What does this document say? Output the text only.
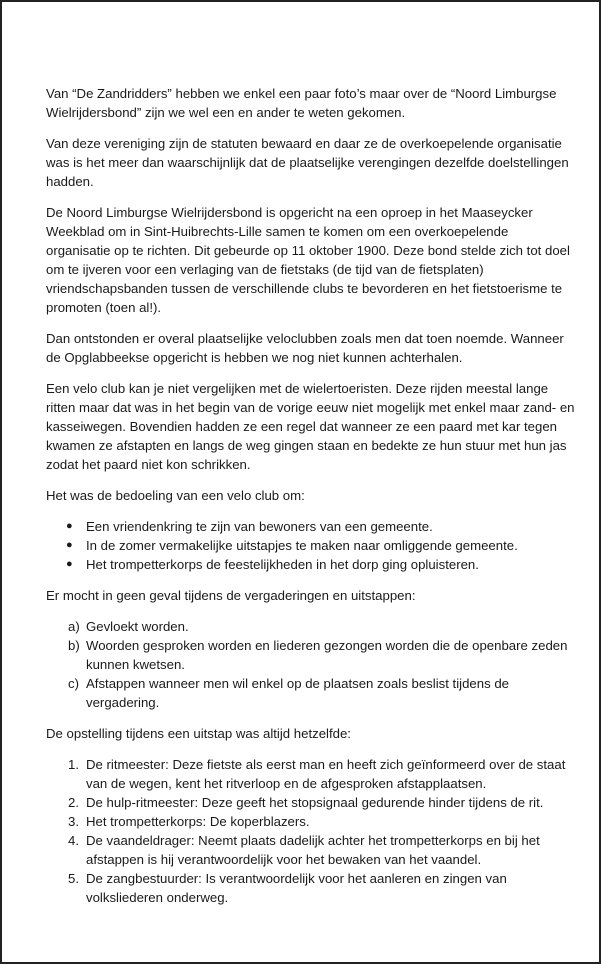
Van “De Zandridders” hebben we enkel een paar foto’s maar over de “Noord Limburgse Wielrijdersbond” zijn we wel een en ander te weten gekomen.

Van deze vereniging zijn de statuten bewaard en daar ze de overkoepelende organisatie was is het meer dan waarschijnlijk dat de plaatselijke verengingen dezelfde doelstellingen hadden.

De Noord Limburgse Wielrijdersbond is opgericht na een oproep in het Maaseycker Weekblad om in Sint-Huibrechts-Lille samen te komen om een overkoepelende organisatie op te richten. Dit gebeurde op 11 oktober 1900. Deze bond stelde zich tot doel om te ijveren voor een verlaging van de fietstaks (de tijd van de fietsplaten) vriendschapsbanden tussen de verschillende clubs te bevorderen en het fietstoerisme te promoten (toen al!).

Dan ontstonden er overal plaatselijke veloclubben zoals men dat toen noemde. Wanneer de Opglabbeekse opgericht is hebben we nog niet kunnen achterhalen.

Een velo club kan je niet vergelijken met de wielertoeristen. Deze rijden meestal lange ritten maar dat was in het begin van de vorige eeuw niet mogelijk met enkel maar zand- en kasseiwegen. Bovendien hadden ze een regel dat wanneer ze een paard met kar tegen kwamen ze afstapten en langs de weg gingen staan en bedekte ze hun stuur met hun jas zodat het paard niet kon schrikken.

Het was de bedoeling van een velo club om:

● Een vriendenkring te zijn van bewoners van een gemeente.
● In de zomer vermakelijke uitstapjes te maken naar omliggende gemeente.
● Het trompetterkorps de feestelijkheden in het dorp ging opluisteren.

Er mocht in geen geval tijdens de vergaderingen en uitstappen:

a) Gevloekt worden.
b) Woorden gesproken worden en liederen gezongen worden die de openbare zeden kunnen kwetsen.
c) Afstappen wanneer men wil enkel op de plaatsen zoals beslist tijdens de vergadering.

De opstelling tijdens een uitstap was altijd hetzelfde:

1. De ritmeester: Deze fietste als eerst man en heeft zich geïnformeerd over de staat van de wegen, kent het ritverloop en de afgesproken afstapplaatsen.
2. De hulp-ritmeester: Deze geeft het stopsignaal gedurende hinder tijdens de rit.
3. Het trompetterkorps: De koperblazers.
4. De vaandeldrager: Neemt plaats dadelijk achter het trompetterkorps en bij het afstappen is hij verantwoordelijk voor het bewaken van het vaandel.
5. De zangbestuurder: Is verantwoordelijk voor het aanleren en zingen van volksliederen onderweg.
